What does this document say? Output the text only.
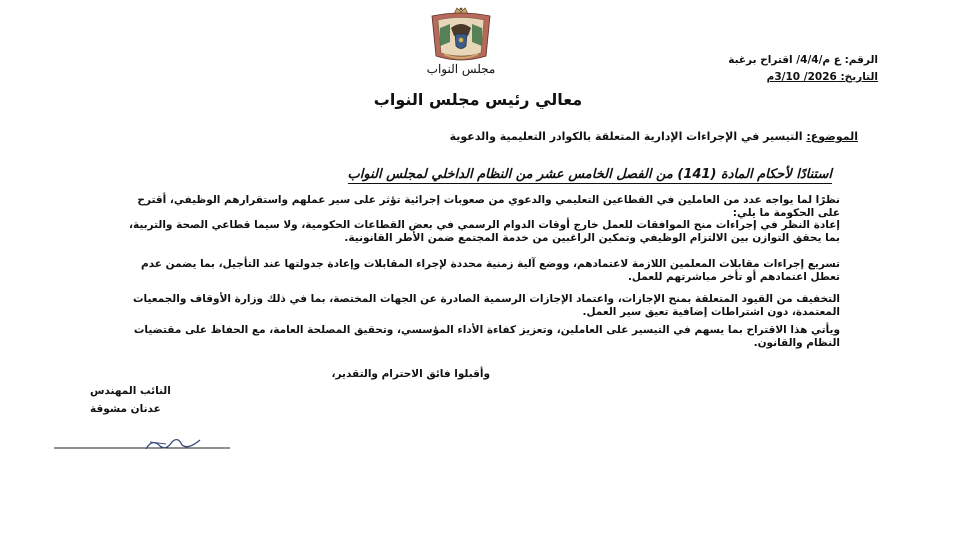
مجلس النواب
الرقم: ع م/4/4/ اقتراح برغبة
التاريخ: 2026/ 3/10م
معالي رئيس مجلس النواب
الموضوع: التيسير في الإجراءات الإدارية المتعلقة بالكوادر التعليمية والدعوية
استنادًا لأحكام المادة (141) من الفصل الخامس عشر من النظام الداخلي لمجلس النواب
نظرًا لما يواجه عدد من العاملين في القطاعين التعليمي والدعوي من صعوبات إجرائية تؤثر على سير عملهم واستقرارهم الوظيفي، أقترح على الحكومة ما يلي:
إعادة النظر في إجراءات منح الموافقات للعمل خارج أوقات الدوام الرسمي في بعض القطاعات الحكومية، ولا سيما قطاعي الصحة والتربية، بما يحقق التوازن بين الالتزام الوظيفي وتمكين الراغبين من خدمة المجتمع ضمن الأطر القانونية.
تسريع إجراءات مقابلات المعلمين اللازمة لاعتمادهم، ووضع آلية زمنية محددة لإجراء المقابلات وإعادة جدولتها عند التأجيل، بما يضمن عدم تعطل اعتمادهم أو تأخر مباشرتهم للعمل.
التخفيف من القيود المتعلقة بمنح الإجازات، واعتماد الإجازات الرسمية الصادرة عن الجهات المختصة، بما في ذلك وزارة الأوقاف والجمعيات المعتمدة، دون اشتراطات إضافية تعيق سير العمل.
ويأتي هذا الاقتراح بما يسهم في التيسير على العاملين، وتعزيز كفاءة الأداء المؤسسي، وتحقيق المصلحة العامة، مع الحفاظ على مقتضيات النظام والقانون.
وأقبلوا فائق الاحترام والتقدير،
النائب المهندس
عدنان مشوقة
